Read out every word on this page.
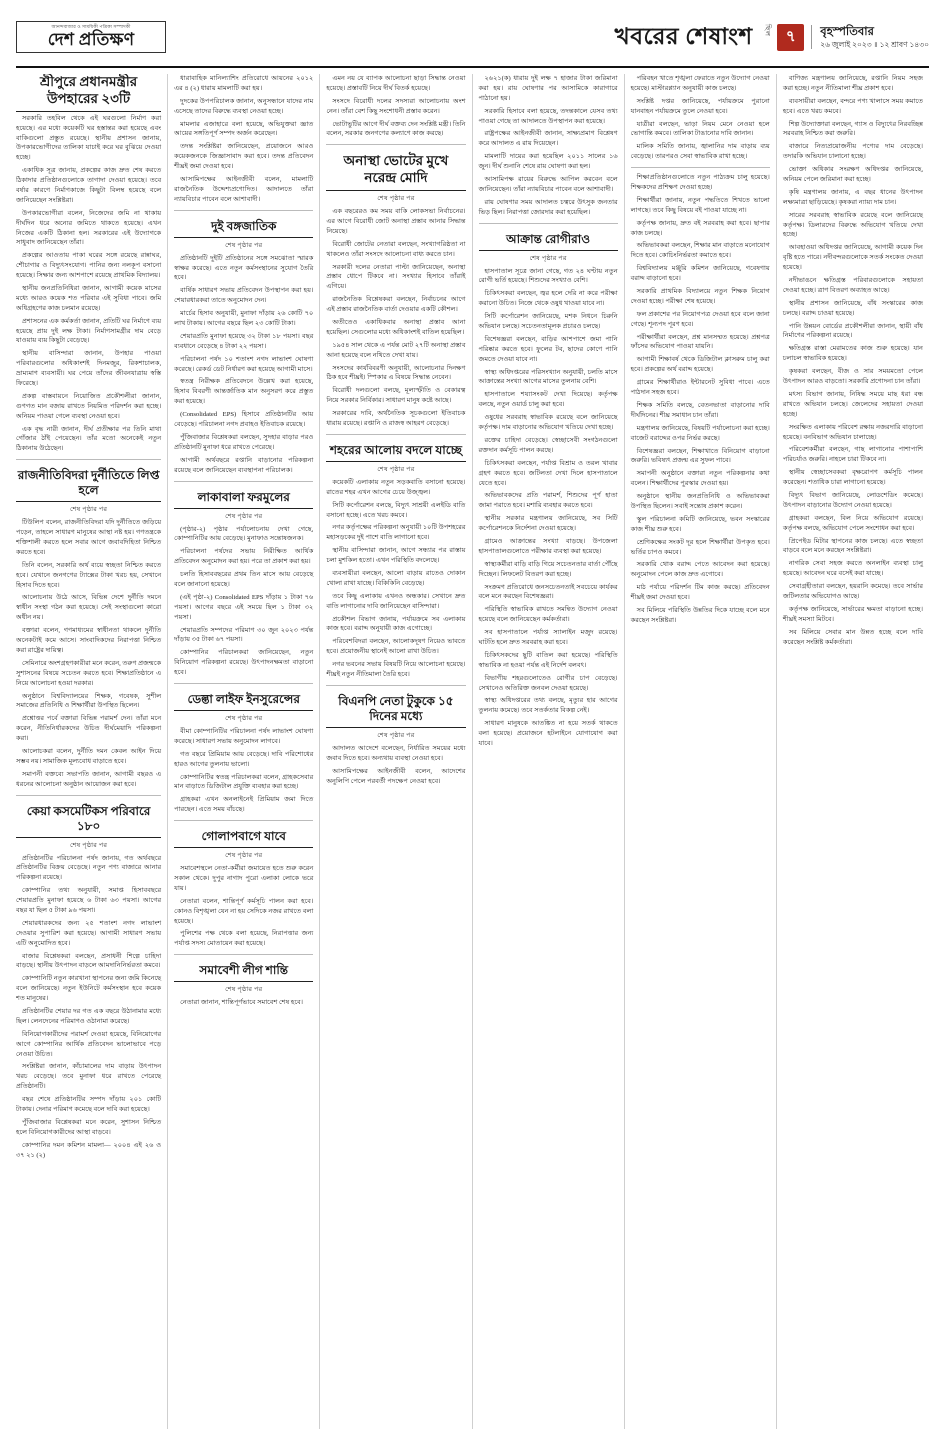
আনন্দবাজার ও সাময়িকী পত্রিকা সম্পাদকী
দেশ প্রতিক্ষণ	খবরের শেষাংশ ছিল ৭	বৃহস্পতিবার
২৬ জুলাই ২০২৩ ॥ ১২ শ্রাবণ ১৪৩০
শ্রীপুরে প্রধানমন্ত্রীর উপহারের ২৩টি

সরকারি তহবিল থেকে এই ঘরগুলো নির্মাণ করা হয়েছে। এর মধ্যে কয়েকটি ঘর হস্তান্তর করা হয়েছে এবং বাকিগুলো প্রস্তুত রয়েছে। স্থানীয় প্রশাসন জানায়, উপকারভোগীদের তালিকা যাচাই করে ঘর বুঝিয়ে দেওয়া হচ্ছে।

একাধিক সূত্র জানায়, প্রকল্পের কাজ দ্রুত শেষ করতে ঠিকাদার প্রতিষ্ঠানগুলোকে তাগাদা দেওয়া হয়েছে। তবে বর্ষার কারণে নির্মাণকাজে কিছুটা বিলম্ব হয়েছে বলে জানিয়েছেন সংশ্লিষ্টরা।

উপকারভোগীরা বলেন, নিজেদের জমি না থাকায় দীর্ঘদিন ধরে অন্যের জমিতে থাকতে হয়েছে। এখন নিজের একটি ঠিকানা হল। সরকারের এই উদ্যোগকে সাধুবাদ জানিয়েছেন তাঁরা।

প্রকল্পের আওতায় পাকা ঘরের সঙ্গে রয়েছে রান্নাঘর, শৌচাগার ও বিদ্যুৎসংযোগ। পানির জন্য নলকূপ বসানো হয়েছে। সিক্ষার জন্য আশপাশে রয়েছে প্রাথমিক বিদ্যালয়।

স্থানীয় জনপ্রতিনিধিরা জানান, আগামী কয়েক মাসের মধ্যে আরও কয়েক শত পরিবার এই সুবিধা পাবে। জমি অধিগ্রহণের কাজ চলমান রয়েছে।

প্রশাসনের এক কর্মকর্তা জানান, প্রতিটি ঘর নির্মাণে ব্যয় হয়েছে প্রায় দুই লক্ষ টাকা। নির্মাণসামগ্রীর দাম বেড়ে যাওয়ায় ব্যয় কিছুটা বেড়েছে।

স্থানীয় বাসিন্দারা জানান, উপহার পাওয়া পরিবারগুলোর অধিকাংশই দিনমজুর, রিকশাচালক, ভ্রাম্যমাণ ব্যবসায়ী। ঘর পেয়ে তাঁদের জীবনযাত্রায় স্বস্তি ফিরেছে।

প্রকল্প বাস্তবায়নে নিয়োজিত প্রকৌশলীরা জানান, গুণগত মান বজায় রাখতে নিয়মিত পরিদর্শন করা হচ্ছে। অনিয়ম পাওয়া গেলে ব্যবস্থা নেওয়া হবে।

এক বৃদ্ধ নারী জানান, দীর্ঘ প্রতীক্ষার পর তিনি মাথা গোঁজার ঠাঁই পেয়েছেন। তাঁর মতো অনেকেই নতুন ঠিকানায় উঠেছেন।

রাজনীতিবিদরা দুর্নীতিতে লিপ্ত হলে
শেষ পৃষ্ঠার পর

টিউলিপ বলেন, রাজনীতিবিদরা যদি দুর্নীতিতে জড়িয়ে পড়েন, তাহলে সাধারণ মানুষের আস্থা নষ্ট হয়। গণতন্ত্রকে শক্তিশালী করতে হলে সবার আগে জবাবদিহিতা নিশ্চিত করতে হবে।

তিনি বলেন, সরকারি অর্থ ব্যয়ে স্বচ্ছতা নিশ্চিত করতে হবে। যেখানে জনগণের ট্যাক্সের টাকা খরচ হয়, সেখানে হিসাব দিতে হবে।

আলোচনায় উঠে আসে, বিভিন্ন দেশে দুর্নীতি দমনে স্বাধীন সংস্থা গঠন করা হয়েছে। সেই সংস্থাগুলো কারো অধীন নয়।

বক্তারা বলেন, গণমাধ্যমের স্বাধীনতা থাকলে দুর্নীতি অনেকটাই কমে আসে। সাংবাদিকদের নিরাপত্তা নিশ্চিত করা রাষ্ট্রের দায়িত্ব।

সেমিনারে অংশগ্রহণকারীরা মনে করেন, তরুণ প্রজন্মকে সুশাসনের বিষয়ে সচেতন করতে হবে। শিক্ষাপ্রতিষ্ঠানে এ নিয়ে আলোচনা হওয়া দরকার।

অনুষ্ঠানে বিশ্ববিদ্যালয়ের শিক্ষক, গবেষক, সুশীল সমাজের প্রতিনিধি ও শিক্ষার্থীরা উপস্থিত ছিলেন।

প্রশ্নোত্তর পর্বে বক্তারা বিভিন্ন পরামর্শ দেন। তাঁরা মনে করেন, নীতিনির্ধারকদের উচিত দীর্ঘমেয়াদি পরিকল্পনা করা।

আলোচকরা বলেন, দুর্নীতি দমন কেবল আইন দিয়ে সম্ভব নয়। সামাজিক মূল্যবোধ বাড়াতে হবে।

সমাপনী বক্তব্যে সভাপতি জানান, আগামী বছরও এ ধরনের আলোচনা অনুষ্ঠান আয়োজন করা হবে।

কেয়া কসমেটিকস পরিবারে ১৮০
শেষ পৃষ্ঠার পর

প্রতিষ্ঠানটির পরিচালনা পর্ষদ জানায়, গত অর্থবছরে প্রতিষ্ঠানটির বিক্রয় বেড়েছে। নতুন পণ্য বাজারে আনার পরিকল্পনা রয়েছে।

কোম্পানির তথ্য অনুযায়ী, সমাপ্ত হিসাববছরে শেয়ারপ্রতি মুনাফা হয়েছে ৬ টাকা ৬৩ পয়সা। আগের বছর যা ছিল ৫ টাকা ৯৬ পয়সা।

শেয়ারধারকদের জন্য ২৫ শতাংশ নগদ লাভাংশ দেওয়ার সুপারিশ করা হয়েছে। আগামী সাধারণ সভায় এটি অনুমোদিত হবে।

বাজার বিশ্লেষকরা বলছেন, প্রসাধনী শিল্পে চাহিদা বাড়ছে। স্থানীয় উৎপাদন বাড়লে আমদানিনির্ভরতা কমবে।

কোম্পানিটি নতুন কারখানা স্থাপনের জন্য জমি কিনেছে বলে জানিয়েছে। নতুন ইউনিটে কর্মসংস্থান হবে কয়েক শত মানুষের।

প্রতিষ্ঠানটির শেয়ার দর গত এক বছরে উঠানামার মধ্যে ছিল। লেনদেনের পরিমাণও ওঠানামা করেছে।

বিনিয়োগকারীদের পরামর্শ দেওয়া হয়েছে, বিনিয়োগের আগে কোম্পানির আর্থিক প্রতিবেদন ভালোভাবে পড়ে নেওয়া উচিত।

সংশ্লিষ্টরা জানান, কাঁচামালের দাম বাড়ায় উৎপাদন খরচ বেড়েছে। তবে মুনাফা ধরে রাখতে পেরেছে প্রতিষ্ঠানটি।

বছর শেষে প্রতিষ্ঠানটির সম্পদ দাঁড়ায় ২০১ কোটি টাকায়। দেনার পরিমাণ কমেছে বলে দাবি করা হয়েছে।

পুঁজিবাজার বিশ্লেষকরা মনে করেন, সুশাসন নিশ্চিত হলে বিনিয়োগকারীদের আস্থা বাড়বে।

কোম্পানির দমন কমিশন মামলা— ২০০৪ এই ২৬ ও ৩৭ ২১ (২)

ধারাবাহিক মানিল্যাশিং প্রতিরোধে আয়নের ২০১২ এর ৪ (২) ধারায় মামলাটি করা হয়।

দুদকের উপপরিচালক জানান, অনুসন্ধানে যাদের নাম এসেছে তাদের বিরুদ্ধে ব্যবস্থা নেওয়া হচ্ছে।

মামলার এজাহারে বলা হয়েছে, অভিযুক্তরা জ্ঞাত আয়ের সঙ্গতিপূর্ণ সম্পদ অর্জন করেছেন।

তদন্ত সংশ্লিষ্টরা জানিয়েছেন, প্রয়োজনে আরও কয়েকজনকে জিজ্ঞাসাবাদ করা হবে। তদন্ত প্রতিবেদন শীঘ্রই জমা দেওয়া হবে।

আসামিপক্ষের আইনজীবী বলেন, মামলাটি রাজনৈতিক উদ্দেশ্যপ্রণোদিত। আদালতে তাঁরা ন্যায়বিচার পাবেন বলে আশাবাদী।

দুই বঙ্গজাতিক
শেষ পৃষ্ঠার পর

প্রতিষ্ঠানটি দুইটি প্রতিষ্ঠানের সঙ্গে সমঝোতা স্মারক স্বাক্ষর করেছে। এতে নতুন কর্মসংস্থানের সুযোগ তৈরি হবে।

বার্ষিক সাধারণ সভায় প্রতিবেদন উপস্থাপন করা হয়। শেয়ারধারকরা তাতে অনুমোদন দেন।

মার্চের হিসাব অনুযায়ী, মুনাফা দাঁড়ায় ২৬ কোটি ৭০ লাখ টাকায়। আগের বছরে ছিল ২৩ কোটি টাকা।

শেয়ারপ্রতি মুনাফা হয়েছে ৩২ টাকা ১৮ পয়সা। বছর ব্যবধানে বেড়েছে ৪ টাকা ২২ পয়সা।

পরিচালনা পর্ষদ ১০ শতাংশ নগদ লাভাংশ ঘোষণা করেছে। রেকর্ড ডেট নির্ধারণ করা হয়েছে আগামী মাসে।

স্বতন্ত্র নিরীক্ষক প্রতিবেদনে উল্লেখ করা হয়েছে, হিসাব বিবরণী আন্তর্জাতিক মান অনুসরণ করে প্রস্তুত করা হয়েছে।

(Consolidated EPS) হিসাবে প্রতিষ্ঠানটির আয় বেড়েছে। পরিচালনা নগদ প্রবাহও ইতিবাচক রয়েছে।

পুঁজিবাজার বিশ্লেষকরা বলছেন, সুদহার বাড়ার পরও প্রতিষ্ঠানটি মুনাফা ধরে রাখতে পেরেছে।

আগামী অর্থবছরে রপ্তানি বাড়ানোর পরিকল্পনা রয়েছে বলে জানিয়েছেন ব্যবস্থাপনা পরিচালক।

লাকাবালা ফরমুলের
শেষ পৃষ্ঠার পর

(পৃষ্ঠার-২) পৃষ্ঠার পর্যালোচনায় দেখা গেছে, কোম্পানিটির আয় বেড়েছে। মুনাফাও সন্তোষজনক।

পরিচালনা পর্ষদের সভায় নিরীক্ষিত আর্থিক প্রতিবেদন অনুমোদন করা হয়। পরে তা প্রকাশ করা হয়।

চলতি হিসাববছরের প্রথম তিন মাসে আয় বেড়েছে বলে জানানো হয়েছে।

(এই পৃষ্ঠা-২) Consolidated EPS দাঁড়ায় ১ টাকা ৭৬ পয়সা। আগের বছরে এই সময়ে ছিল ১ টাকা ৩২ পয়সা।

শেয়ারপ্রতি সম্পদের পরিমাণ ৩০ জুন ২০২৩ পর্যন্ত দাঁড়ায় ৩৫ টাকা ৬৭ পয়সা।

কোম্পানির পরিচালকরা জানিয়েছেন, নতুন বিনিয়োগ পরিকল্পনা রয়েছে। উৎপাদনক্ষমতা বাড়ানো হবে।

ডেল্তা লাইফ ইনসুরেন্সের
শেষ পৃষ্ঠার পর

বীমা কোম্পানিটির পরিচালনা পর্ষদ লাভাংশ ঘোষণা করেছে। সাধারণ সভায় অনুমোদন লাগবে।

গত বছরে প্রিমিয়াম আয় বেড়েছে। দাবি পরিশোধের হারও আগের তুলনায় ভালো।

কোম্পানিটির স্বতন্ত্র পরিচালকরা বলেন, গ্রাহকসেবার মান বাড়াতে ডিজিটাল প্রযুক্তি ব্যবহার করা হচ্ছে।

গ্রাহকরা এখন অনলাইনেই প্রিমিয়াম জমা দিতে পারছেন। এতে সময় বাঁচছে।

গোলাপবাগে যাবে
শেষ পৃষ্ঠার পর

সমাবেশস্থলে নেতা-কর্মীরা জমায়েত হতে শুরু করেন সকাল থেকে। দুপুর নাগাদ পুরো এলাকা লোকে ভরে যায়।

নেতারা বলেন, শান্তিপূর্ণ কর্মসূচি পালন করা হবে। কোনও বিশৃঙ্খলা যেন না হয় সেদিকে নজর রাখতে বলা হয়েছে।

পুলিশের পক্ষ থেকে বলা হয়েছে, নিরাপত্তার জন্য পর্যাপ্ত সদস্য মোতায়েন করা হয়েছে।

সমাবেশী লীগ শান্তি
শেষ পৃষ্ঠার পর

নেতারা জানান, শান্তিপূর্ণভাবে সমাবেশ শেষ হবে।

এমন নয় যে ব্যাপক আলোচনা ছাড়া সিদ্ধান্ত নেওয়া হয়েছে। প্রস্তাবটি নিয়ে দীর্ঘ বিতর্ক হয়েছে।

সংসদে বিরোধী দলের সদস্যরা আলোচনায় অংশ নেন। তাঁরা বেশ কিছু সংশোধনী প্রস্তাব করেন।

ভোটাভুটির আগে দীর্ঘ বক্তব্য দেন সংশ্লিষ্ট মন্ত্রী। তিনি বলেন, সরকার জনগণের কল্যাণে কাজ করছে।

অনাস্থা ভোটের মুখে নরেন্দ্র মোদি
শেষ পৃষ্ঠার পর

এক বছরেরও কম সময় বাকি লোকসভা নির্বাচনের। এর আগে বিরোধী জোট অনাস্থা প্রস্তাব আনার সিদ্ধান্ত নিয়েছে।

বিরোধী জোটের নেতারা বলছেন, সংখ্যাগরিষ্ঠতা না থাকলেও তাঁরা সংসদে আলোচনা বাধ্য করতে চান।

সরকারী দলের নেতারা পাল্টা জানিয়েছেন, অনাস্থা প্রস্তাব ধোপে টিকবে না। সংখ্যার হিসাবে তাঁরাই এগিয়ে।

রাজনৈতিক বিশ্লেষকরা বলছেন, নির্বাচনের আগে এই প্রস্তাব রাজনৈতিক বার্তা দেওয়ার একটি কৌশল।

অতীতেও একাধিকবার অনাস্থা প্রস্তাব আনা হয়েছিল। সেগুলোর মধ্যে অধিকাংশই বাতিল হয়েছিল।

১৯৫৪ সাল থেকে এ পর্যন্ত মোট ২৭টি অনাস্থা প্রস্তাব আনা হয়েছে বলে নথিতে দেখা যায়।

সংসদের কার্যবিবরণী অনুযায়ী, আলোচনার দিনক্ষণ ঠিক হবে শীঘ্রই। স্পিকার এ বিষয়ে সিদ্ধান্ত নেবেন।

বিরোধী দলগুলো বলছে, মূল্যস্ফীতি ও বেকারত্ব নিয়ে সরকার নির্বিকার। সাধারণ মানুষ কষ্টে আছে।

সরকারের দাবি, অর্থনৈতিক সূচকগুলো ইতিবাচক ধারায় রয়েছে। রপ্তানি ও রাজস্ব আহরণ বেড়েছে।

শহরের আলোয় বদলে যাচ্ছে
শেষ পৃষ্ঠার পর

কয়েকটি এলাকায় নতুন সড়কবাতি বসানো হয়েছে। রাতের শহর এখন আগের চেয়ে উজ্জ্বল।

সিটি কর্পোরেশন বলছে, বিদ্যুৎ সাশ্রয়ী এলইডি বাতি বসানো হচ্ছে। এতে খরচ কমবে।

নগর কর্তৃপক্ষের পরিকল্পনা অনুযায়ী ১০টি উপশহরের মহাসড়কের দুই পাশে বাতি লাগানো হবে।

স্থানীয় বাসিন্দারা জানান, আগে সন্ধ্যার পর রাস্তায় চলা মুশকিল হতো। এখন পরিস্থিতি বদলেছে।

ব্যবসায়ীরা বলছেন, আলো বাড়ায় রাতেও দোকান খোলা রাখা যাচ্ছে। বিকিকিনি বেড়েছে।

তবে কিছু এলাকায় এখনও অন্ধকার। সেখানে দ্রুত বাতি লাগানোর দাবি জানিয়েছেন বাসিন্দারা।

প্রকৌশল বিভাগ জানায়, পর্যায়ক্রমে সব এলাকায় কাজ হবে। বরাদ্দ অনুযায়ী কাজ এগোচ্ছে।

পরিবেশবিদরা বলছেন, আলোকদূষণ নিয়েও ভাবতে হবে। প্রয়োজনীয় স্থানেই আলো রাখা উচিত।

নগর ভবনের সভায় বিষয়টি নিয়ে আলোচনা হয়েছে। শীঘ্রই নতুন নীতিমালা তৈরি হবে।

বিএনপি নেতা টুকুকে ১৫ দিনের মধ্যে
শেষ পৃষ্ঠার পর

আদালত আদেশে বলেছেন, নির্ধারিত সময়ের মধ্যে জবাব দিতে হবে। অন্যথায় ব্যবস্থা নেওয়া হবে।

আসামিপক্ষের আইনজীবী বলেন, আদেশের অনুলিপি পেলে পরবর্তী পদক্ষেপ নেওয়া হবে।

২৬২১(ক) ধারায় দুই লক্ষ ৭ হাজার টাকা জরিমানা করা হয়। রায় ঘোষণার পর আসামিকে কারাগারে পাঠানো হয়।

সরকারি হিসাবে বলা হয়েছে, তদন্তকালে যেসব তথ্য পাওয়া গেছে তা আদালতে উপস্থাপন করা হয়েছে।

রাষ্ট্রপক্ষের আইনজীবী জানান, সাক্ষ্যপ্রমাণ বিশ্লেষণ করে আদালত এ রায় দিয়েছেন।

মামলাটি দায়ের করা হয়েছিল ২০১১ সালের ১৬ জুন। দীর্ঘ শুনানি শেষে রায় ঘোষণা করা হল।

আসামিপক্ষ রায়ের বিরুদ্ধে আপিল করবেন বলে জানিয়েছেন। তাঁরা ন্যায়বিচার পাবেন বলে আশাবাদী।

রায় ঘোষণার সময় আদালত চত্বরে উৎসুক জনতার ভিড় ছিল। নিরাপত্তা জোরদার করা হয়েছিল।

আক্রান্ত রোগীরাও
শেষ পৃষ্ঠার পর

হাসপাতাল সূত্রে জানা গেছে, গত ২৪ ঘণ্টায় নতুন রোগী ভর্তি হয়েছে। শিশুদের সংখ্যাও বেশি।

চিকিৎসকরা বলছেন, জ্বর হলে দেরি না করে পরীক্ষা করানো উচিত। নিজে থেকে ওষুধ খাওয়া যাবে না।

সিটি কর্পোরেশন জানিয়েছে, মশক নিধনে চিরুনি অভিযান চলছে। সচেতনতামূলক প্রচারও চলছে।

বিশেষজ্ঞরা বলছেন, বাড়ির আশপাশে জমা পানি পরিষ্কার করতে হবে। ফুলের টব, ছাদের কোণে পানি জমতে দেওয়া যাবে না।

স্বাস্থ্য অধিদপ্তরের পরিসংখ্যান অনুযায়ী, চলতি মাসে আক্রান্তের সংখ্যা আগের মাসের তুলনায় বেশি।

হাসপাতালে শয্যাসংকট দেখা দিয়েছে। কর্তৃপক্ষ বলছে, নতুন ওয়ার্ড চালু করা হবে।

ওষুধের সরবরাহ স্বাভাবিক রয়েছে বলে জানিয়েছে কর্তৃপক্ষ। দাম বাড়ানোর অভিযোগ খতিয়ে দেখা হচ্ছে।

রক্তের চাহিদা বেড়েছে। স্বেচ্ছাসেবী সংগঠনগুলো রক্তদান কর্মসূচি পালন করছে।

চিকিৎসকরা বলছেন, পর্যাপ্ত বিশ্রাম ও তরল খাবার গ্রহণ করতে হবে। জটিলতা দেখা দিলে হাসপাতালে যেতে হবে।

অভিভাবকদের প্রতি পরামর্শ, শিশুদের পূর্ণ হাতা জামা পরাতে হবে। মশারি ব্যবহার করতে হবে।

স্থানীয় সরকার মন্ত্রণালয় জানিয়েছে, সব সিটি কর্পোরেশনকে নির্দেশনা দেওয়া হয়েছে।

গ্রামেও আক্রান্তের সংখ্যা বাড়ছে। উপজেলা হাসপাতালগুলোতে পরীক্ষার ব্যবস্থা করা হয়েছে।

স্বাস্থ্যকর্মীরা বাড়ি বাড়ি গিয়ে সচেতনতার বার্তা পৌঁছে দিচ্ছেন। লিফলেট বিতরণ করা হচ্ছে।

সংক্রমণ প্রতিরোধে জনসচেতনতাই সবচেয়ে কার্যকর বলে মনে করছেন বিশেষজ্ঞরা।

পরিস্থিতি স্বাভাবিক রাখতে সমন্বিত উদ্যোগ নেওয়া হয়েছে বলে জানিয়েছেন কর্মকর্তারা।

সব হাসপাতালে পর্যাপ্ত স্যালাইন মজুদ রয়েছে। ঘাটতি হলে দ্রুত সরবরাহ করা হবে।

চিকিৎসকদের ছুটি বাতিল করা হয়েছে। পরিস্থিতি স্বাভাবিক না হওয়া পর্যন্ত এই নির্দেশ বলবৎ।

বিভাগীয় শহরগুলোতেও রোগীর চাপ বেড়েছে। সেখানেও অতিরিক্ত জনবল দেওয়া হয়েছে।

স্বাস্থ্য অধিদপ্তরের তথ্য বলছে, মৃত্যুর হার আগের তুলনায় কমেছে। তবে সতর্কতার বিকল্প নেই।

সাধারণ মানুষকে আতঙ্কিত না হয়ে সতর্ক থাকতে বলা হয়েছে। প্রয়োজনে হটলাইনে যোগাযোগ করা যাবে।

পরিবহন খাতে শৃঙ্খলা ফেরাতে নতুন উদ্যোগ নেওয়া হয়েছে। মাস্টারপ্ল্যান অনুযায়ী কাজ চলছে।

সংশ্লিষ্ট দপ্তর জানিয়েছে, পর্যায়ক্রমে পুরানো যানবাহন পর্যায়ক্রমে তুলে নেওয়া হবে।

যাত্রীরা বলছেন, ভাড়া নিয়ম মেনে নেওয়া হলে ভোগান্তি কমবে। তালিকা টাঙানোর দাবি জানান।

মালিক সমিতি জানায়, জ্বালানির দাম বাড়ায় ব্যয় বেড়েছে। তারপরও সেবা স্বাভাবিক রাখা হচ্ছে।

শিক্ষাপ্রতিষ্ঠানগুলোতে নতুন পাঠ্যক্রম চালু হয়েছে। শিক্ষকদের প্রশিক্ষণ দেওয়া হচ্ছে।

শিক্ষার্থীরা জানায়, নতুন পদ্ধতিতে শিখতে ভালো লাগছে। তবে কিছু বিষয়ে বই পাওয়া যাচ্ছে না।

কর্তৃপক্ষ জানায়, দ্রুত বই সরবরাহ করা হবে। ছাপার কাজ চলছে।

অভিভাবকরা বলছেন, শিক্ষার মান বাড়াতে মনোযোগ দিতে হবে। কোচিংনির্ভরতা কমাতে হবে।

বিশ্ববিদ্যালয় মঞ্জুরি কমিশন জানিয়েছে, গবেষণায় বরাদ্দ বাড়ানো হবে।

সরকারি প্রাথমিক বিদ্যালয়ে নতুন শিক্ষক নিয়োগ দেওয়া হচ্ছে। পরীক্ষা শেষ হয়েছে।

ফল প্রকাশের পর নিয়োগপত্র দেওয়া হবে বলে জানা গেছে। শূন্যপদ পূরণ হবে।

পরীক্ষার্থীরা বলছেন, প্রশ্ন মানসম্মত হয়েছে। প্রশ্নপত্র ফাঁসের অভিযোগ পাওয়া যায়নি।

আগামী শিক্ষাবর্ষ থেকে ডিজিটাল ক্লাসরুম চালু করা হবে। প্রকল্পের অর্থ বরাদ্দ হয়েছে।

গ্রামের শিক্ষার্থীরাও ইন্টারনেট সুবিধা পাবে। এতে পাঠদান সহজ হবে।

শিক্ষক সমিতি বলছে, বেতনভাতা বাড়ানোর দাবি দীর্ঘদিনের। শীঘ্র সমাধান চান তাঁরা।

মন্ত্রণালয় জানিয়েছে, বিষয়টি পর্যালোচনা করা হচ্ছে। বাজেট বরাদ্দের ওপর নির্ভর করছে।

বিশেষজ্ঞরা বলছেন, শিক্ষাখাতে বিনিয়োগ বাড়ানো জরুরি। ভবিষ্যৎ প্রজন্ম এর সুফল পাবে।

সমাপনী অনুষ্ঠানে বক্তারা নতুন পরিকল্পনার কথা বলেন। শিক্ষার্থীদের পুরস্কার দেওয়া হয়।

অনুষ্ঠানে স্থানীয় জনপ্রতিনিধি ও অভিভাবকরা উপস্থিত ছিলেন। সবাই সন্তোষ প্রকাশ করেন।

স্কুল পরিচালনা কমিটি জানিয়েছে, ভবন সংস্কারের কাজ শীঘ্র শুরু হবে।

শ্রেণিকক্ষের সংকট দূর হলে শিক্ষার্থীরা উপকৃত হবে। ভর্তির চাপও কমবে।

সরকারি থোক বরাদ্দ পেতে আবেদন করা হয়েছে। অনুমোদন পেলে কাজ দ্রুত এগোবে।

মাঠ পর্যায়ে পরিদর্শন টিম কাজ করছে। প্রতিবেদন শীঘ্রই জমা দেওয়া হবে।

সব মিলিয়ে পরিস্থিতি উন্নতির দিকে যাচ্ছে বলে মনে করছেন সংশ্লিষ্টরা।

বাণিজ্য মন্ত্রণালয় জানিয়েছে, রপ্তানি নিয়ম সহজ করা হচ্ছে। নতুন নীতিমালা শীঘ্র প্রকাশ হবে।

ব্যবসায়ীরা বলছেন, বন্দরে পণ্য খালাসে সময় কমাতে হবে। এতে খরচ কমবে।

শিল্প উদ্যোক্তারা বলছেন, গ্যাস ও বিদ্যুৎের নিরবচ্ছিন্ন সরবরাহ নিশ্চিত করা জরুরি।

বাজারে নিত্যপ্রয়োজনীয় পণ্যের দাম বেড়েছে। তদারকি অভিযান চালানো হচ্ছে।

ভোক্তা অধিকার সংরক্ষণ অধিদপ্তর জানিয়েছে, অনিয়ম পেলে জরিমানা করা হচ্ছে।

কৃষি মন্ত্রণালয় জানায়, এ বছর ধানের উৎপাদন লক্ষ্যমাত্রা ছাড়িয়েছে। কৃষকরা ন্যায়্য দাম চান।

সারের সরবরাহ স্বাভাবিক রয়েছে বলে জানিয়েছে কর্তৃপক্ষ। ডিলারদের বিরুদ্ধে অভিযোগ খতিয়ে দেখা হচ্ছে।

আবহাওয়া অধিদপ্তর জানিয়েছে, আগামী কয়েক দিন বৃষ্টি হতে পারে। নদীবন্দরগুলোকে সতর্ক সংকেত দেওয়া হয়েছে।

নদীভাঙনে ক্ষতিগ্রস্ত পরিবারগুলোকে সহায়তা দেওয়া হচ্ছে। ত্রাণ বিতরণ অব্যাহত আছে।

স্থানীয় প্রশাসন জানিয়েছে, বাঁধ সংস্কারের কাজ চলছে। বরাদ্দ চাওয়া হয়েছে।

পানি উন্নয়ন বোর্ডের প্রকৌশলীরা জানান, স্থায়ী বাঁধ নির্মাণের পরিকল্পনা রয়েছে।

ক্ষতিগ্রস্ত রাস্তা মেরামতের কাজ শুরু হয়েছে। যান চলাচল স্বাভাবিক হয়েছে।

কৃষকরা বলছেন, বীজ ও সার সময়মতো পেলে উৎপাদন আরও বাড়তো। সরকারি প্রণোদনা চান তাঁরা।

মৎস্য বিভাগ জানায়, নিষিদ্ধ সময়ে মাছ ধরা বন্ধ রাখতে অভিযান চলছে। জেলেদের সহায়তা দেওয়া হচ্ছে।

সংরক্ষিত এলাকায় পরিবেশ রক্ষায় নজরদারি বাড়ানো হয়েছে। বনবিভাগ অভিযান চালাচ্ছে।

পরিবেশকর্মীরা বলছেন, গাছ লাগানোর পাশাপাশি পরিচর্যাও জরুরি। নাহলে চারা টিকবে না।

স্থানীয় স্বেচ্ছাসেবকরা বৃক্ষরোপণ কর্মসূচি পালন করেছেন। শতাধিক চারা লাগানো হয়েছে।

বিদ্যুৎ বিভাগ জানিয়েছে, লোডশেডিং কমেছে। উৎপাদন বাড়ানোর উদ্যোগ নেওয়া হয়েছে।

গ্রাহকরা বলছেন, বিল নিয়ে অভিযোগ রয়েছে। কর্তৃপক্ষ বলছে, অভিযোগ পেলে সংশোধন করা হবে।

প্রিপেইড মিটার স্থাপনের কাজ চলছে। এতে স্বচ্ছতা বাড়বে বলে মনে করছেন সংশ্লিষ্টরা।

নাগরিক সেবা সহজ করতে অনলাইন ব্যবস্থা চালু হয়েছে। আবেদন ঘরে বসেই করা যাচ্ছে।

সেবাগ্রহীতারা বলছেন, হয়রানি কমেছে। তবে সার্ভার জটিলতার অভিযোগও আছে।

কর্তৃপক্ষ জানিয়েছে, সার্ভারের ক্ষমতা বাড়ানো হচ্ছে। শীঘ্রই সমস্যা মিটবে।

সব মিলিয়ে সেবার মান উন্নত হচ্ছে বলে দাবি করেছেন সংশ্লিষ্ট কর্মকর্তারা।
